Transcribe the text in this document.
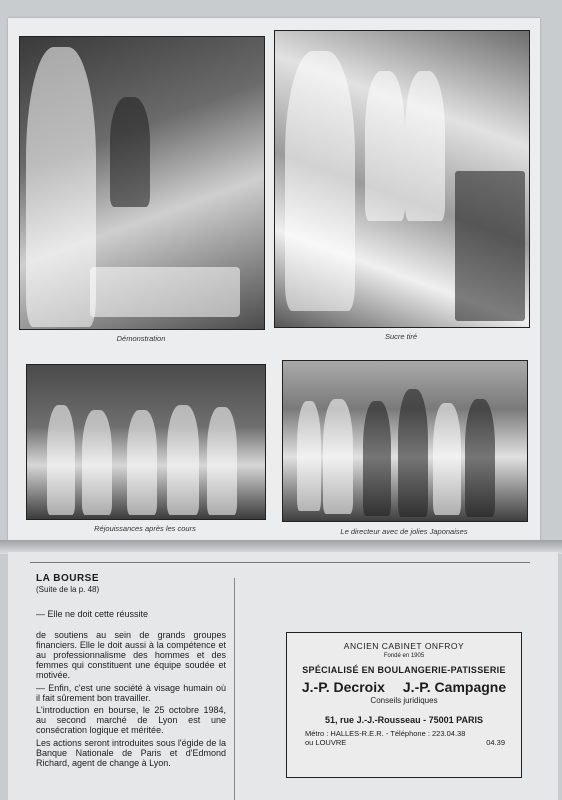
Démonstration	Sucre tiré
Réjouissances après les cours	Le directeur avec de jolies Japonaises
LA BOURSE
(Suite de la p. 48)

— Elle ne doit cette réussite

de soutiens au sein de grands groupes financiers. Elle le doit aussi à la compétence et au professionnalisme des hommes et des femmes qui constituent une équipe soudée et motivée.

— Enfin, c'est une société à visage humain où il fait sûrement bon travailler.

L'introduction en bourse, le 25 octobre 1984, au second marché de Lyon est une consécration logique et méritée.

Les actions seront introduites sous l'égide de la Banque Nationale de Paris et d'Edmond Richard, agent de change à Lyon.

ANCIEN CABINET ONFROY
Fondé en 1905
SPÉCIALISÉ EN BOULANGERIE-PATISSERIE
J.-P. Decroix J.-P. Campagne
Conseils juridiques
51, rue J.-J.-Rousseau - 75001 PARIS
Métro : HALLES-R.E.R. - Téléphone : 223.04.38
ou LOUVRE	04.39
